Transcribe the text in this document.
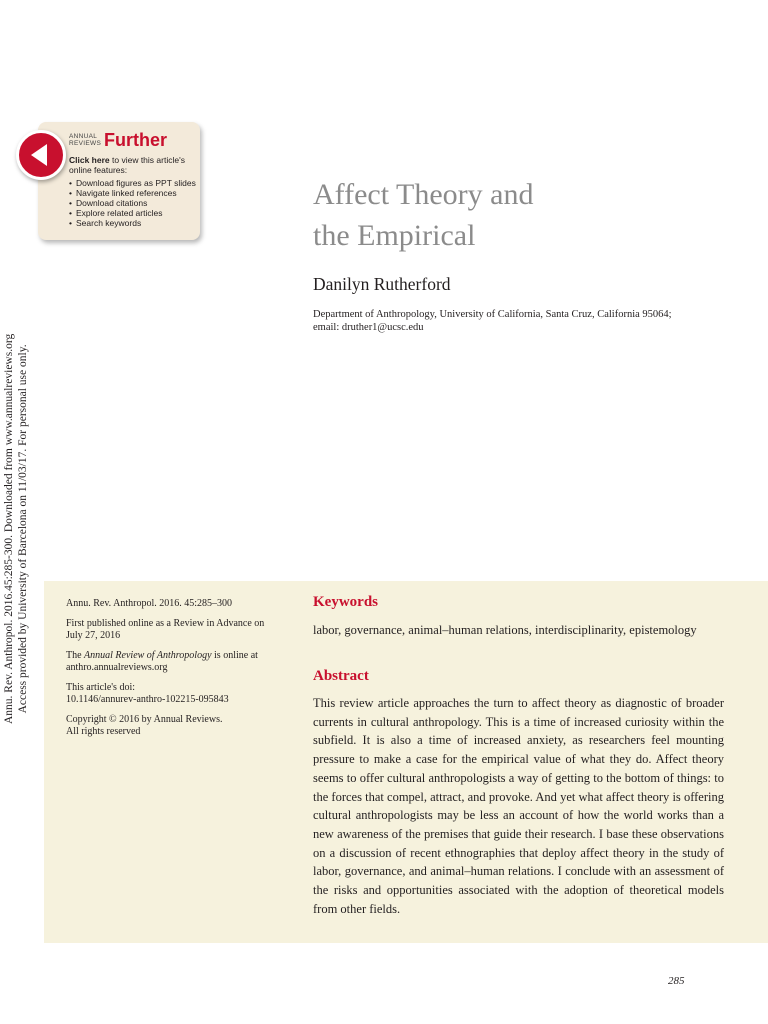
ANNUAL
REVIEWS Further
Click here to view this article's online features:
• Download figures as PPT slides
• Navigate linked references
• Download citations
• Explore related articles
• Search keywords
Affect Theory and
the Empirical
Danilyn Rutherford
Department of Anthropology, University of California, Santa Cruz, California 95064;
email: druther1@ucsc.edu
Annu. Rev. Anthropol. 2016.45:285-300. Downloaded from www.annualreviews.org Access provided by University of Barcelona on 11/03/17. For personal use only.	Annu. Rev. Anthropol. 2016. 45:285–300

First published online as a Review in Advance on July 27, 2016

The Annual Review of Anthropology is online at anthro.annualreviews.org

This article's doi:
10.1146/annurev-anthro-102215-095843

Copyright © 2016 by Annual Reviews.
All rights reserved

Keywords
labor, governance, animal–human relations, interdisciplinarity, epistemology
Abstract

This review article approaches the turn to affect theory as diagnostic of broader currents in cultural anthropology. This is a time of increased curiosity within the subfield. It is also a time of increased anxiety, as researchers feel mounting pressure to make a case for the empirical value of what they do. Affect theory seems to offer cultural anthropologists a way of getting to the bottom of things: to the forces that compel, attract, and provoke. And yet what affect theory is offering cultural anthropologists may be less an account of how the world works than a new awareness of the premises that guide their research. I base these observations on a discussion of recent ethnographies that deploy affect theory in the study of labor, governance, and animal–human relations. I conclude with an assessment of the risks and opportunities associated with the adoption of theoretical models from other fields.

285
